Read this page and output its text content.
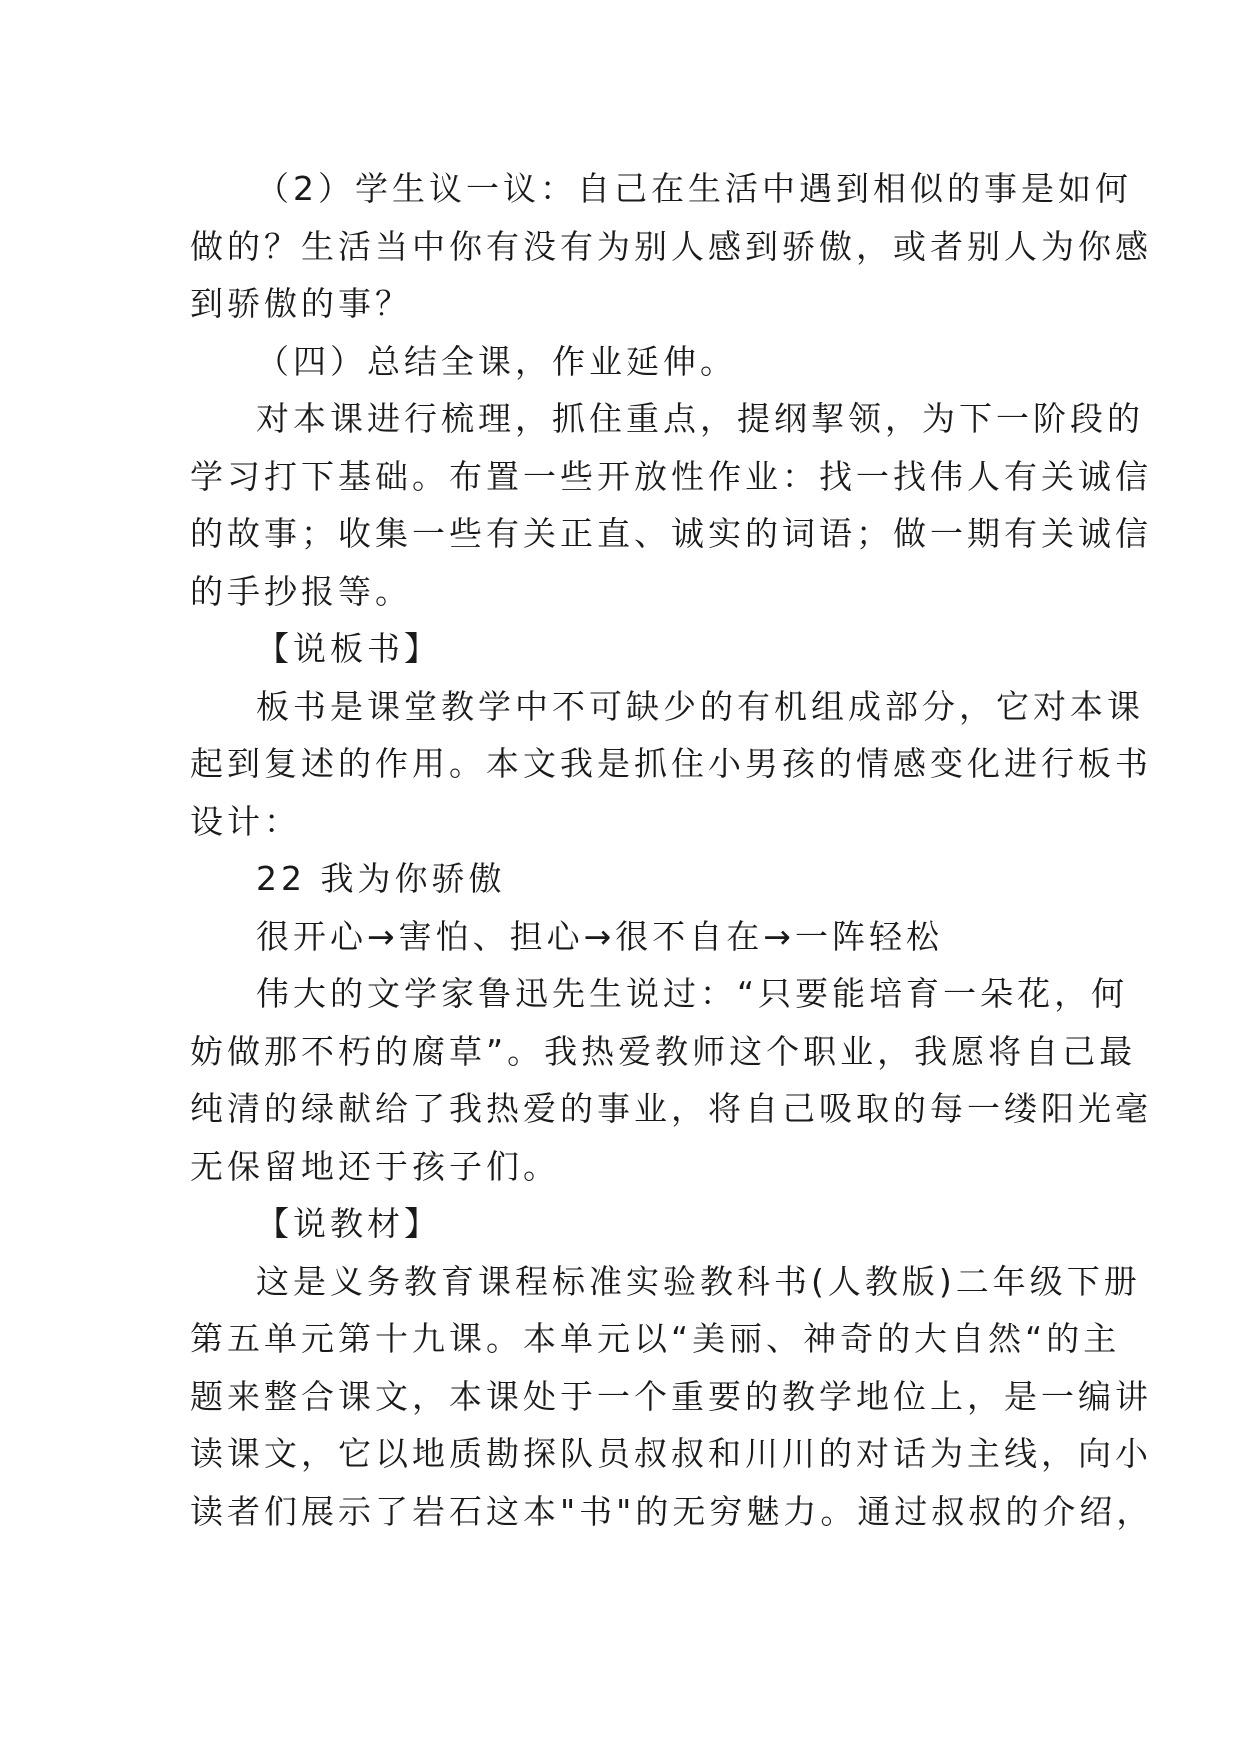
（2）学生议一议：自己在生活中遇到相似的事是如何
做的？生活当中你有没有为别人感到骄傲，或者别人为你感
到骄傲的事？

（四）总结全课，作业延伸。

对本课进行梳理，抓住重点，提纲挈领，为下一阶段的
学习打下基础。布置一些开放性作业：找一找伟人有关诚信
的故事；收集一些有关正直、诚实的词语；做一期有关诚信
的手抄报等。

【说板书】

板书是课堂教学中不可缺少的有机组成部分，它对本课
起到复述的作用。本文我是抓住小男孩的情感变化进行板书
设计：

22 我为你骄傲

很开心→害怕、担心→很不自在→一阵轻松

伟大的文学家鲁迅先生说过：“只要能培育一朵花，何
妨做那不朽的腐草”。我热爱教师这个职业，我愿将自己最
纯清的绿献给了我热爱的事业，将自己吸取的每一缕阳光毫
无保留地还于孩子们。

【说教材】

这是义务教育课程标准实验教科书(人教版)二年级下册
第五单元第十九课。本单元以“美丽、神奇的大自然“的主
题来整合课文，本课处于一个重要的教学地位上，是一编讲
读课文，它以地质勘探队员叔叔和川川的对话为主线，向小
读者们展示了岩石这本"书"的无穷魅力。通过叔叔的介绍，
